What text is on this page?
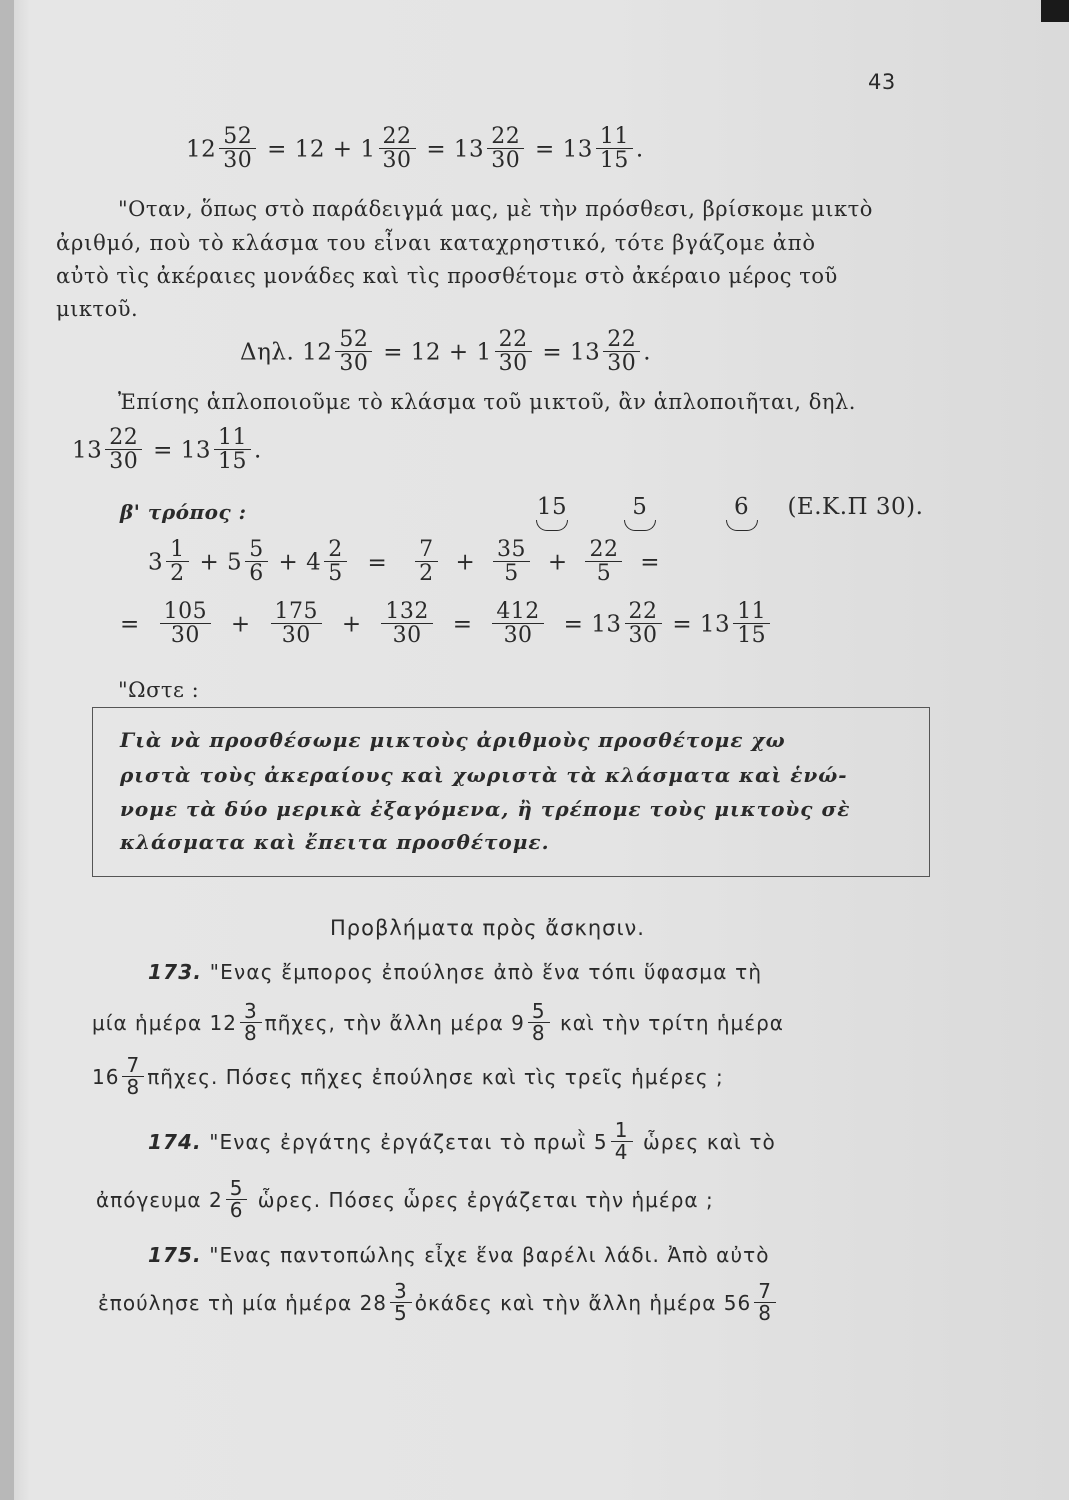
43
$12 \frac{52}{30} = 12 + 1 \frac{22}{30} = 13 \frac{22}{30} = 13 \frac{11}{15}$ .
"Οταν, ὅπως στὸ παράδειγμά μας, μὲ τὴν πρόσθεσι, βρίσκομε μικτὸ
ἀριθμό, ποὺ τὸ κλάσμα του εἶναι καταχρηστικό, τότε βγάζομε ἀπὸ
αὐτὸ τὶς ἀκέραιες μονάδες καὶ τὶς προσθέτομε στὸ ἀκέραιο μέρος τοῦ
μικτοῦ.
Δηλ. $12 \frac{52}{30} = 12 + 1 \frac{22}{30} = 13 \frac{22}{30}$ .
Ἐπίσης ἁπλοποιοῦμε τὸ κλάσμα τοῦ μικτοῦ, ἂν ἁπλοποιῆται, δηλ.
$13 \frac{22}{30} = 13 \frac{11}{15}$ .
β' τρόπος :	15
	5
	6 (Ε.Κ.Π 30).
$3 \frac{1}{2} + 5 \frac{5}{6} + 4 \frac{2}{5} = \frac{7}{2} + \frac{35}{5} + \frac{22}{5}$ =
= $\frac{105}{30} + \frac{175}{30} + \frac{132}{30} = \frac{412}{30} = 13 \frac{22}{30} = 13 \frac{11}{15}$
"Ωστε :
Γιὰ νὰ προσθέσωμε μικτοὺς ἀριθμοὺς προσθέτομε χω
ριστὰ τοὺς ἀκεραίους καὶ χωριστὰ τὰ κλάσματα καὶ ἑνώ-
νομε τὰ δύο μερικὰ ἐξαγόμενα, ἢ τρέπομε τοὺς μικτοὺς σὲ
κλάσματα καὶ ἔπειτα προσθέτομε.
Προβλήματα πρὸς ἄσκησιν.
173. "Ενας ἔμπορος ἐπούλησε ἀπὸ ἕνα τόπι ὕφασμα τὴ
μία ἡμέρα $12 \frac{3}{8}$ πῆχες, τὴν ἄλλη μέρα $9 \frac{5}{8}$ καὶ τὴν τρίτη ἡμέρα
$16 \frac{7}{8}$ πῆχες. Πόσες πῆχες ἐπούλησε καὶ τὶς τρεῖς ἡμέρες ;
174. "Ενας ἐργάτης ἐργάζεται τὸ πρωῒ $5 \frac{1}{4}$ ὧρες καὶ τὸ
ἀπόγευμα $2 \frac{5}{6}$ ὧρες. Πόσες ὧρες ἐργάζεται τὴν ἡμέρα ;
175. "Ενας παντοπώλης εἶχε ἕνα βαρέλι λάδι. Ἀπὸ αὐτὸ
ἐπούλησε τὴ μία ἡμέρα $28 \frac{3}{5}$ ὀκάδες καὶ τὴν ἄλλη ἡμέρα $56 \frac{7}{8}$
